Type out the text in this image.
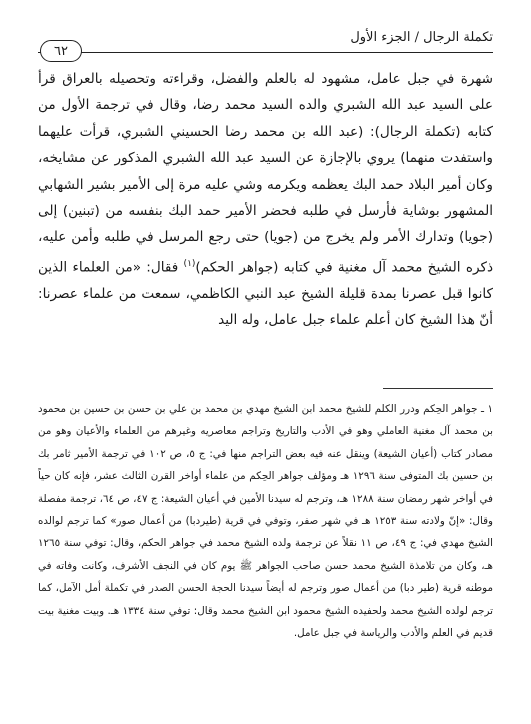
تكملة الرجال / الجزء الأول
٦٢

شهرة في جبل عامل، مشهود له بالعلم والفضل، وقراءته وتحصيله بالعراق قرأ على السيد عبد الله الشبري والده السيد محمد رضا، وقال في ترجمة الأول من كتابه (تكملة الرجال): (عبد الله بن محمد رضا الحسيني الشبري، قرأت عليهما واستفدت منهما) يروي بالإجازة عن السيد عبد الله الشبري المذكور عن مشايخه، وكان أمير البلاد حمد البك يعظمه ويكرمه وشي عليه مرة إلى الأمير بشير الشهابي المشهور بوشاية فأرسل في طلبه فحضر الأمير حمد البك بنفسه من (تبنين) إلى (جويا) وتدارك الأمر ولم يخرج من (جويا) حتى رجع المرسل في طلبه وأمن عليه، ذكره الشيخ محمد آل مغنية في كتابه (جواهر الحكم)$^{(١)}$ فقال: «من العلماء الذين كانوا قبل عصرنا بمدة قليلة الشيخ عبد النبي الكاظمي، سمعت من علماء عصرنا: أنّ هذا الشيخ كان أعلم علماء جبل عامل، وله اليد

١ ـ جواهر الحِكم ودرر الكلم للشيخ محمد ابن الشيخ مهدي بن محمد بن علي بن حسن بن حسين بن محمود بن محمد آل مغنية العاملي وهو في الأدب والتاريخ وتراجم معاصريه وغيرهم من العلماء والأعيان وهو من مصادر كتاب (أعيان الشيعة) وينقل عنه فيه بعض التراجم منها في: ج ٥، ص ١٠٢ في ترجمة الأمير ثامر بك بن حسين بك المتوفى سنة ١٢٩٦ هـ ومؤلف جواهر الحِكم من علماء أواخر القرن الثالث عشر، فإنه كان حياً في أواخر شهر رمضان سنة ١٢٨٨ هـ، وترجم له سيدنا الأمين في أعيان الشيعة: ج ٤٧، ص ٦٤، ترجمة مفصلة وقال: «إنّ ولادته سنة ١٢٥٣ هـ في شهر صفر، وتوفي في قرية (طيردبا) من أعمال صور» كما ترجم لوالده الشيخ مهدي في: ج ٤٩، ص ١١ نقلاً عن ترجمة ولده الشيخ محمد في جواهر الحكم، وقال: توفي سنة ١٢٦٥ هـ، وكان من تلامذة الشيخ محمد حسن صاحب الجواهر ﷺ يوم كان في النجف الأشرف، وكانت وفاته في موطنه قرية (طير دبا) من أعمال صور وترجم له أيضاً سيدنا الحجة الحسن الصدر في تكملة أمل الآمل، كما ترجم لولده الشيخ محمد ولحفيده الشيخ محمود ابن الشيخ محمد وقال: توفي سنة ١٣٣٤ هـ. وبيت مغنية بيت قديم في العلم والأدب والرياسة في جبل عامل.
